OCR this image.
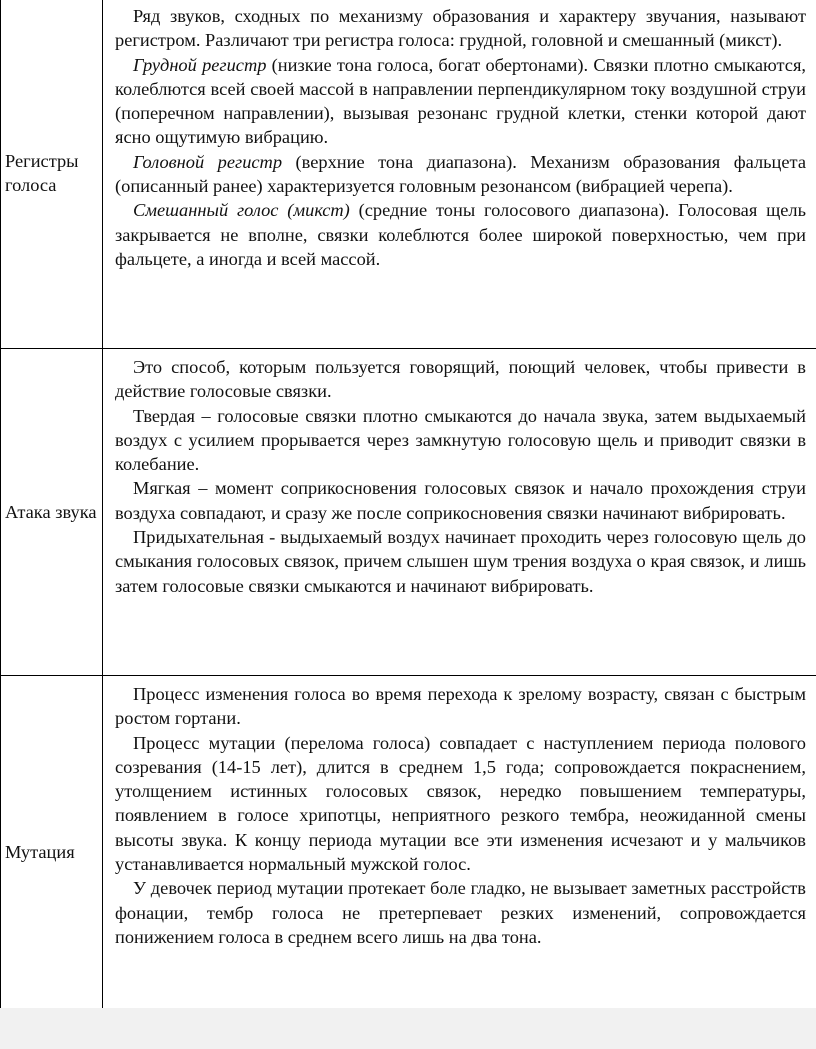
Регистры голоса	Ряд звуков, сходных по механизму образования и характеру звучания, называют регистром. Различают три регистра голоса: грудной, головной и смешанный (микст).

Грудной регистр (низкие тона голоса, богат обертонами). Связки плотно смыкаются, колеблются всей своей массой в направлении перпендикулярном току воздушной струи (поперечном направлении), вызывая резонанс грудной клетки, стенки которой дают ясно ощутимую вибрацию.

Головной регистр (верхние тона диапазона). Механизм образования фальцета (описанный ранее) характеризуется головным резонансом (вибрацией черепа).

Смешанный голос (микст) (средние тоны голосового диапазона). Голосовая щель закрывается не вполне, связки колеблются более широкой поверхностью, чем при фальцете, а иногда и всей массой.

Атака звука	Это способ, которым пользуется говорящий, поющий человек, чтобы привести в действие голосовые связки.

Твердая – голосовые связки плотно смыкаются до начала звука, затем выдыхаемый воздух с усилием прорывается через замкнутую голосовую щель и приводит связки в колебание.

Мягкая – момент соприкосновения голосовых связок и начало прохождения струи воздуха совпадают, и сразу же после соприкосновения связки начинают вибрировать.

Придыхательная - выдыхаемый воздух начинает проходить через голосовую щель до смыкания голосовых связок, причем слышен шум трения воздуха о края связок, и лишь затем голосовые связки смыкаются и начинают вибрировать.

Мутация	Процесс изменения голоса во время перехода к зрелому возрасту, связан с быстрым ростом гортани.

Процесс мутации (перелома голоса) совпадает с наступлением периода полового созревания (14-15 лет), длится в среднем 1,5 года; сопровождается покраснением, утолщением истинных голосовых связок, нередко повышением температуры, появлением в голосе хрипотцы, неприятного резкого тембра, неожиданной смены высоты звука. К концу периода мутации все эти изменения исчезают и у мальчиков устанавливается нормальный мужской голос.

У девочек период мутации протекает боле гладко, не вызывает заметных расстройств фонации, тембр голоса не претерпевает резких изменений, сопровождается понижением голоса в среднем всего лишь на два тона.
